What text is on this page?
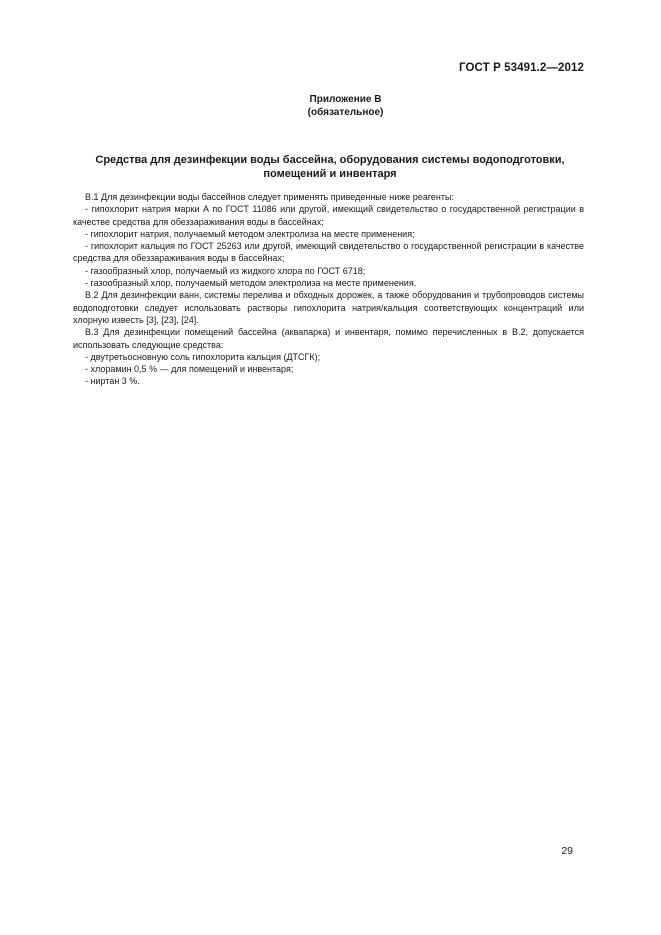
ГОСТ Р 53491.2—2012
Приложение В
(обязательное)
Средства для дезинфекции воды бассейна, оборудования системы водоподготовки,
помещений и инвентаря

В.1 Для дезинфекции воды бассейнов следует применять приведенные ниже реагенты:

- гипохлорит натрия марки А по ГОСТ 11086 или другой, имеющий свидетельство о государственной регистрации в качестве средства для обеззараживания воды в бассейнах;

- гипохлорит натрия, получаемый методом электролиза на месте применения;

- гипохлорит кальция по ГОСТ 25263 или другой, имеющий свидетельство о государственной регистрации в качестве средства для обеззараживания воды в бассейнах;

- газообразный хлор, получаемый из жидкого хлора по ГОСТ 6718;

- газообразный хлор, получаемый методом электролиза на месте применения.

В.2 Для дезинфекции ванн, системы перелива и обходных дорожек, а также оборудования и трубопроводов системы водоподготовки следует использовать растворы гипохлорита натрия/кальция соответствующих концентраций или хлорную известь [3], [23], [24].

В.3 Для дезинфекции помещений бассейна (аквапарка) и инвентаря, помимо перечисленных в В.2, допускается использовать следующие средства:

- двутретьосновную соль гипохлорита кальция (ДТСГК);

- хлорамин 0,5 % — для помещений и инвентаря;

- ниртан 3 %.

29
